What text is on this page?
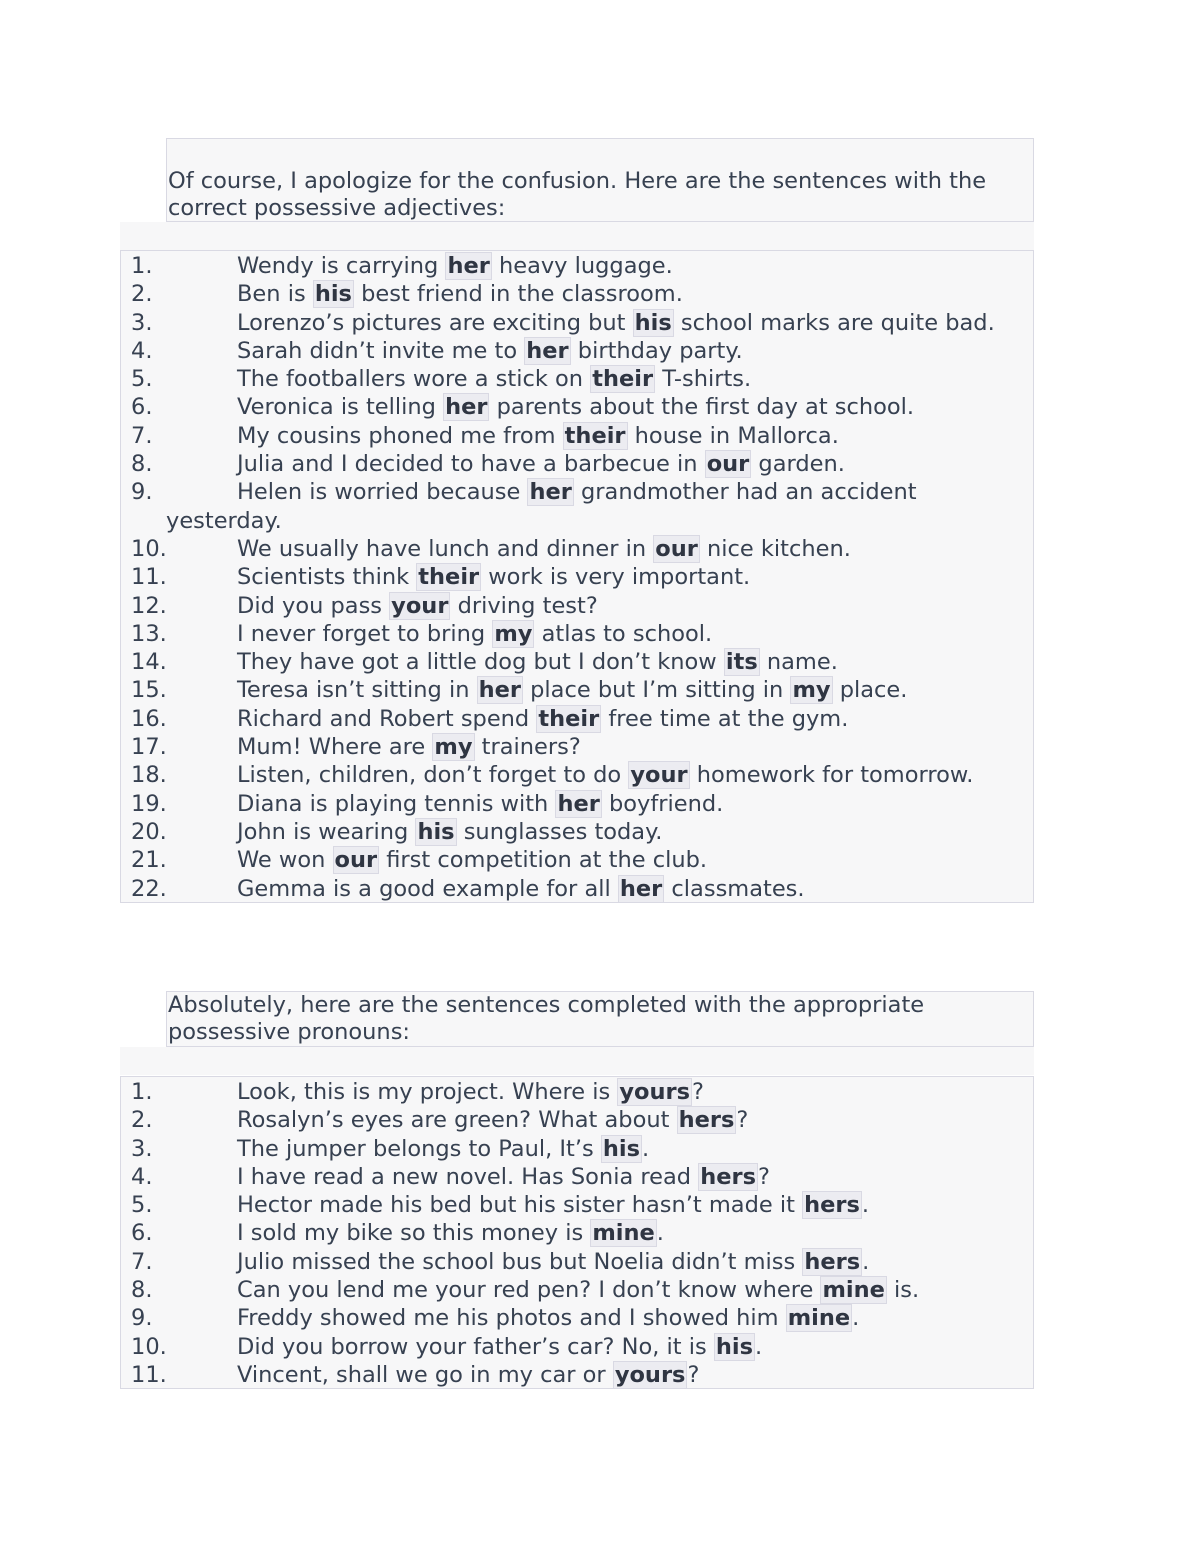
Of course, I apologize for the confusion. Here are the sentences with the correct possessive adjectives:
1.	Wendy is carrying her heavy luggage.
2.	Ben is his best friend in the classroom.
3.	Lorenzo’s pictures are exciting but his school marks are quite bad.
4.	Sarah didn’t invite me to her birthday party.
5.	The footballers wore a stick on their T-shirts.
6.	Veronica is telling her parents about the first day at school.
7.	My cousins phoned me from their house in Mallorca.
8.	Julia and I decided to have a barbecue in our garden.
9.	Helen is worried because her grandmother had an accident
yesterday.
10.	We usually have lunch and dinner in our nice kitchen.
11.	Scientists think their work is very important.
12.	Did you pass your driving test?
13.	I never forget to bring my atlas to school.
14.	They have got a little dog but I don’t know its name.
15.	Teresa isn’t sitting in her place but I’m sitting in my place.
16.	Richard and Robert spend their free time at the gym.
17.	Mum! Where are my trainers?
18.	Listen, children, don’t forget to do your homework for tomorrow.
19.	Diana is playing tennis with her boyfriend.
20.	John is wearing his sunglasses today.
21.	We won our first competition at the club.
22.	Gemma is a good example for all her classmates.
Absolutely, here are the sentences completed with the appropriate possessive pronouns:
1.	Look, this is my project. Where is yours?
2.	Rosalyn’s eyes are green? What about hers?
3.	The jumper belongs to Paul, It’s his.
4.	I have read a new novel. Has Sonia read hers?
5.	Hector made his bed but his sister hasn’t made it hers.
6.	I sold my bike so this money is mine.
7.	Julio missed the school bus but Noelia didn’t miss hers.
8.	Can you lend me your red pen? I don’t know where mine is.
9.	Freddy showed me his photos and I showed him mine.
10.	Did you borrow your father’s car? No, it is his.
11.	Vincent, shall we go in my car or yours?
